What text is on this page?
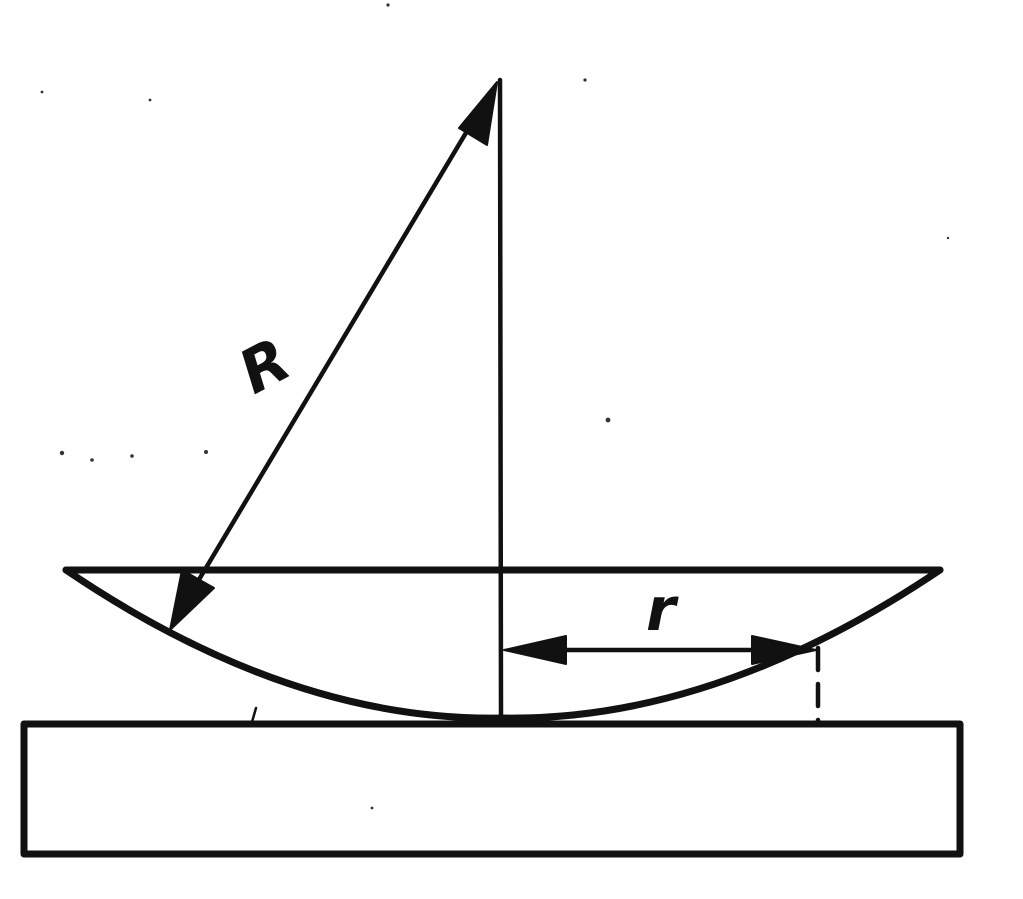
R
r
